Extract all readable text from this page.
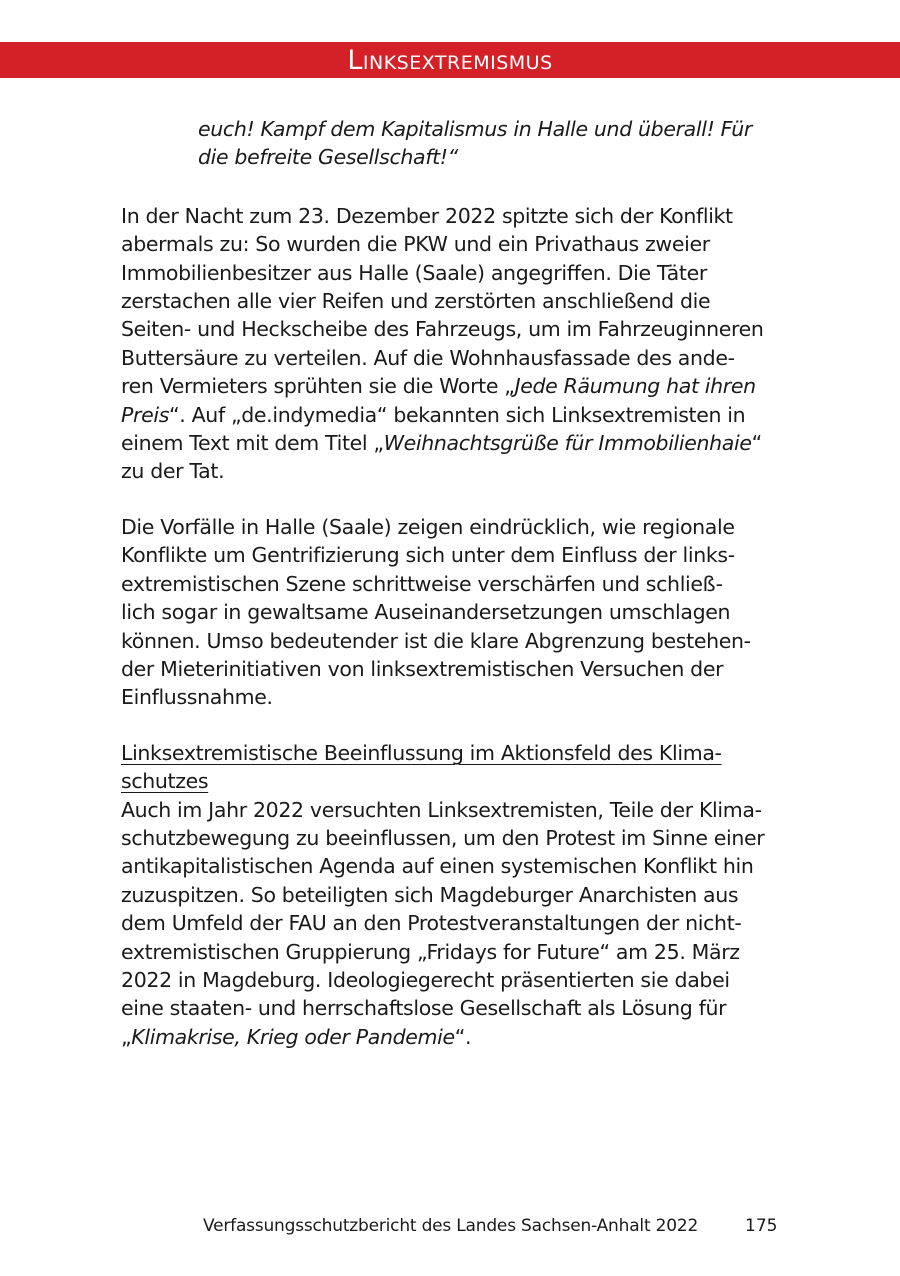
Linksextremismus
euch! Kampf dem Kapitalismus in Halle und überall! Für
die befreite Gesellschaft!“
In der Nacht zum 23. Dezember 2022 spitzte sich der Konflikt
abermals zu: So wurden die PKW und ein Privathaus zweier
Immobilienbesitzer aus Halle (Saale) angegriffen. Die Täter
zerstachen alle vier Reifen und zerstörten anschließend die
Seiten- und Heckscheibe des Fahrzeugs, um im Fahrzeuginneren
Buttersäure zu verteilen. Auf die Wohnhausfassade des ande-
ren Vermieters sprühten sie die Worte „Jede Räumung hat ihren
Preis“. Auf „de.indymedia“ bekannten sich Linksextremisten in
einem Text mit dem Titel „Weihnachtsgrüße für Immobilienhaie“
zu der Tat.
Die Vorfälle in Halle (Saale) zeigen eindrücklich, wie regionale
Konflikte um Gentrifizierung sich unter dem Einfluss der links-
extremistischen Szene schrittweise verschärfen und schließ-
lich sogar in gewaltsame Auseinandersetzungen umschlagen
können. Umso bedeutender ist die klare Abgrenzung bestehen-
der Mieterinitiativen von linksextremistischen Versuchen der
Einflussnahme.
Linksextremistische Beeinflussung im Aktionsfeld des Klima-
schutzes
Auch im Jahr 2022 versuchten Linksextremisten, Teile der Klima-
schutzbewegung zu beeinflussen, um den Protest im Sinne einer
antikapitalistischen Agenda auf einen systemischen Konflikt hin
zuzuspitzen. So beteiligten sich Magdeburger Anarchisten aus
dem Umfeld der FAU an den Protestveranstaltungen der nicht-
extremistischen Gruppierung „Fridays for Future“ am 25. März
2022 in Magdeburg. Ideologiegerecht präsentierten sie dabei
eine staaten- und herrschaftslose Gesellschaft als Lösung für
„Klimakrise, Krieg oder Pandemie“.
Verfassungsschutzbericht des Landes Sachsen-Anhalt 2022	175
